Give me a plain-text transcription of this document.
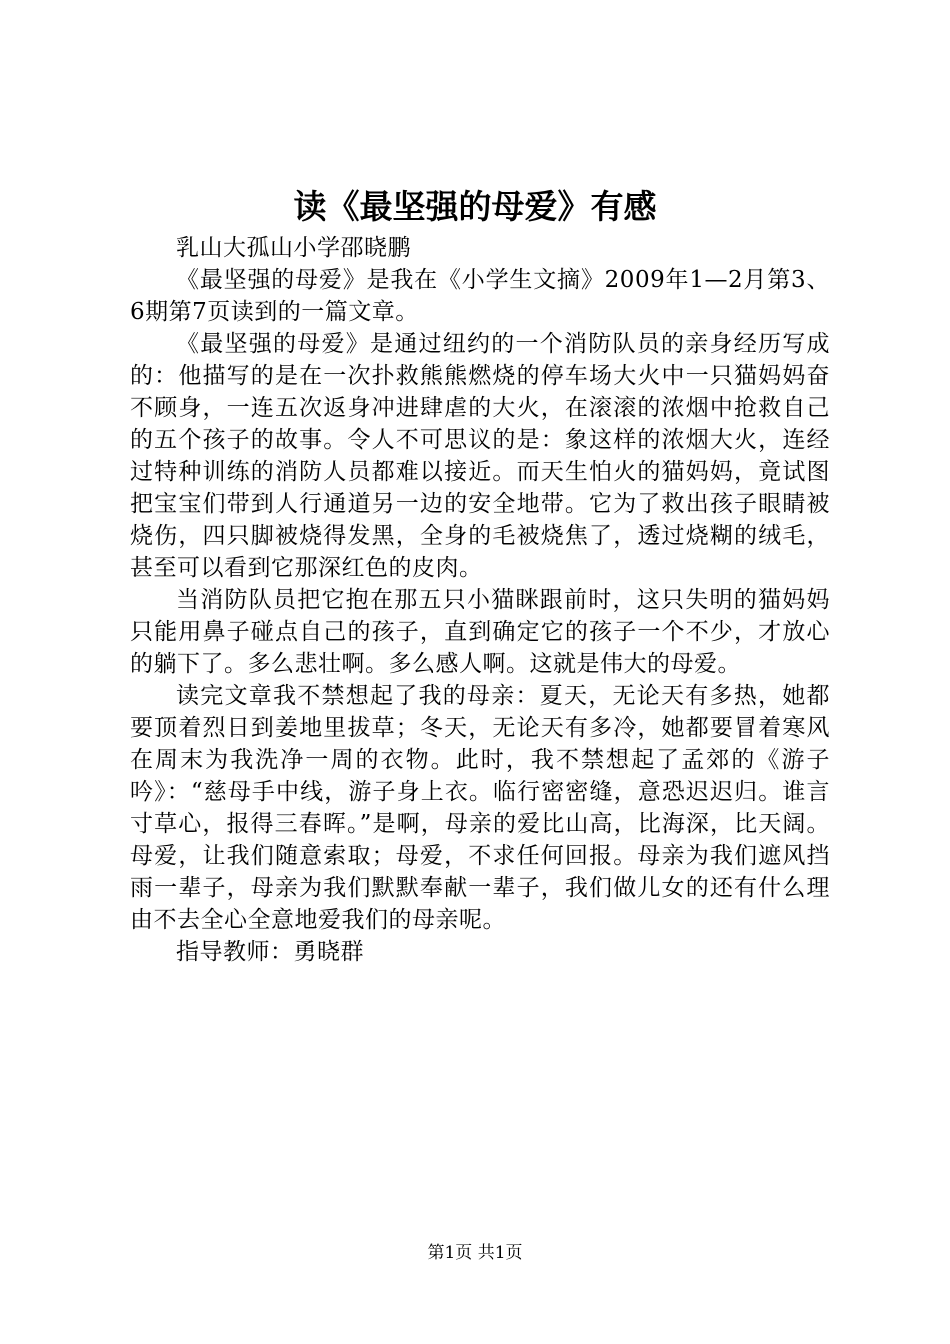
读《最坚强的母爱》有感

乳山大孤山小学邵晓鹏

《最坚强的母爱》是我在《小学生文摘》2009年1—2月第3、6期第7页读到的一篇文章。

《最坚强的母爱》是通过纽约的一个消防队员的亲身经历写成的：他描写的是在一次扑救熊熊燃烧的停车场大火中一只猫妈妈奋不顾身，一连五次返身冲进肆虐的大火，在滚滚的浓烟中抢救自己的五个孩子的故事。令人不可思议的是：象这样的浓烟大火，连经过特种训练的消防人员都难以接近。而天生怕火的猫妈妈，竟试图把宝宝们带到人行通道另一边的安全地带。它为了救出孩子眼睛被烧伤，四只脚被烧得发黑，全身的毛被烧焦了，透过烧糊的绒毛，甚至可以看到它那深红色的皮肉。

当消防队员把它抱在那五只小猫眯跟前时，这只失明的猫妈妈只能用鼻子碰点自己的孩子，直到确定它的孩子一个不少，才放心的躺下了。多么悲壮啊。多么感人啊。这就是伟大的母爱。

读完文章我不禁想起了我的母亲：夏天，无论天有多热，她都要顶着烈日到姜地里拔草；冬天，无论天有多冷，她都要冒着寒风在周末为我洗净一周的衣物。此时，我不禁想起了孟郊的《游子吟》：“慈母手中线，游子身上衣。临行密密缝，意恐迟迟归。谁言寸草心，报得三春晖。”是啊，母亲的爱比山高，比海深，比天阔。母爱，让我们随意索取；母爱，不求任何回报。母亲为我们遮风挡雨一辈子，母亲为我们默默奉献一辈子，我们做儿女的还有什么理由不去全心全意地爱我们的母亲呢。

指导教师：勇晓群

第1页 共1页
